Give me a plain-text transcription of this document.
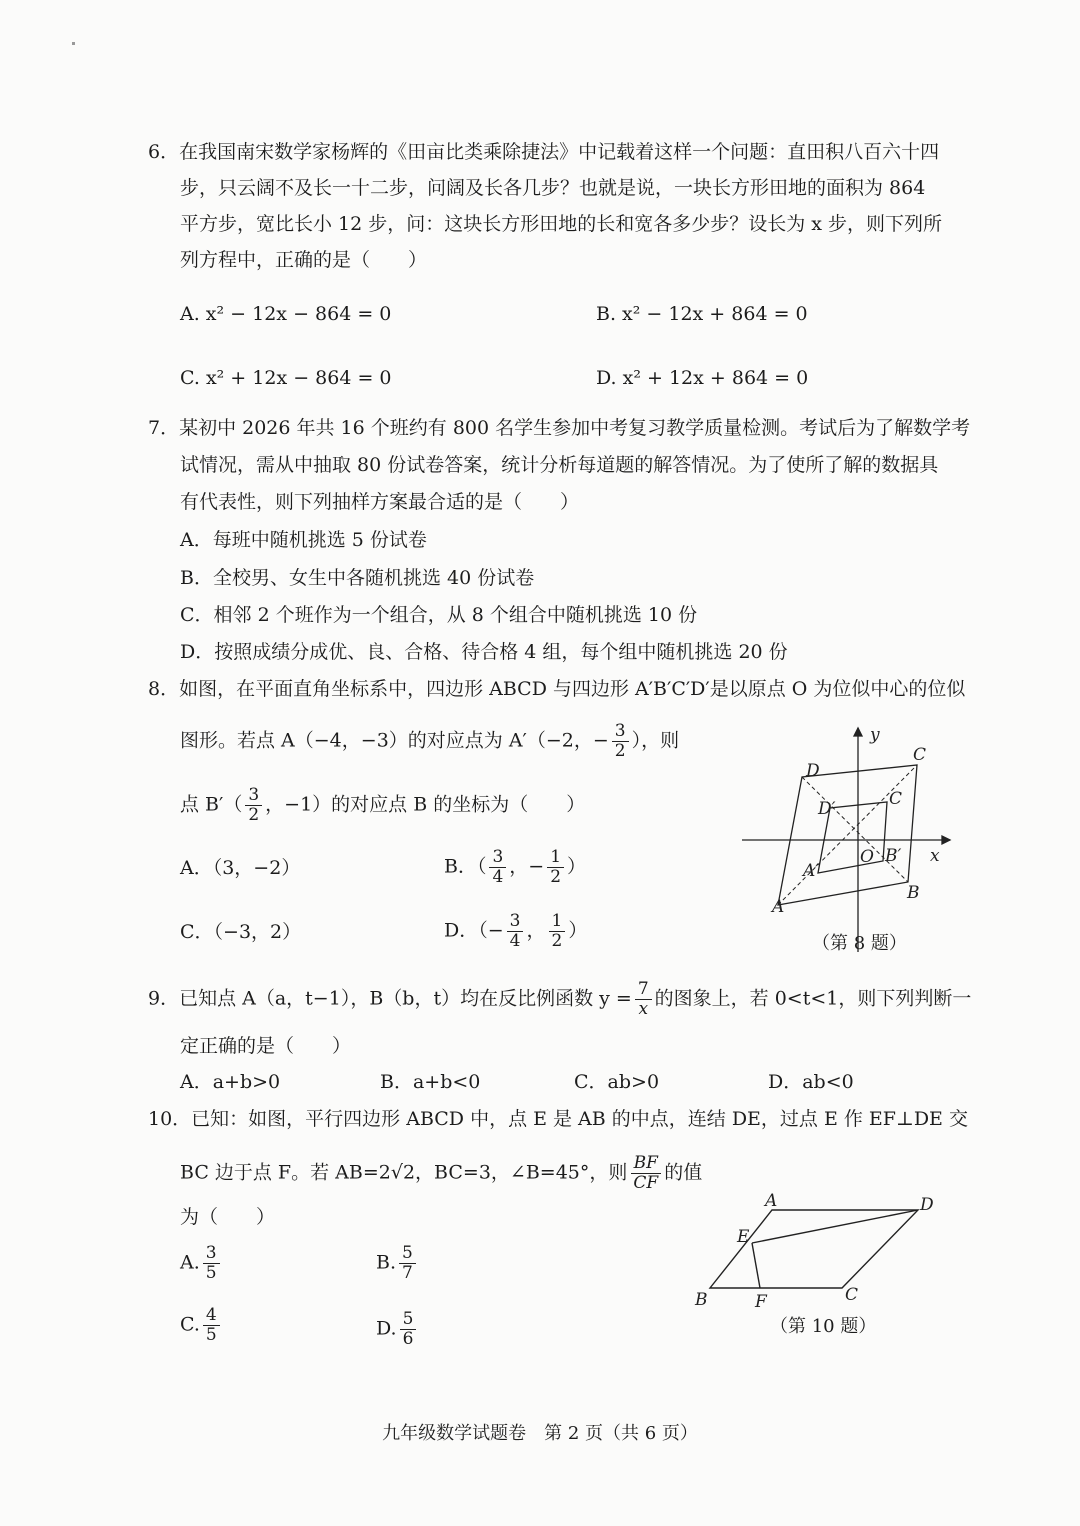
6．在我国南宋数学家杨辉的《田亩比类乘除捷法》中记载着这样一个问题：直田积八百六十四
步，只云阔不及长一十二步，问阔及长各几步？也就是说，一块长方形田地的面积为 864
平方步，宽比长小 12 步，问：这块长方形田地的长和宽各多少步？设长为 x 步，则下列所
列方程中，正确的是（　　）
A. x² − 12x − 864 = 0	B. x² − 12x + 864 = 0
C. x² + 12x − 864 = 0	D. x² + 12x + 864 = 0
7．某初中 2026 年共 16 个班约有 800 名学生参加中考复习教学质量检测。考试后为了解数学考
试情况，需从中抽取 80 份试卷答案，统计分析每道题的解答情况。为了使所了解的数据具
有代表性，则下列抽样方案最合适的是（　　）
A．每班中随机挑选 5 份试卷
B．全校男、女生中各随机挑选 40 份试卷
C．相邻 2 个班作为一个组合，从 8 个组合中随机挑选 10 份
D．按照成绩分成优、良、合格、待合格 4 组，每个组中随机挑选 20 份
8．如图，在平面直角坐标系中，四边形 ABCD 与四边形 A′B′C′D′是以原点 O 为位似中心的位似
图形。若点 A（−4，−3）的对应点为 A′（−2，− $\frac{3}{2}$ ），则
点 $B'( \frac{3}{2}$ ，−1）的对应点 B 的坐标为（　　）
A．（3，−2）	B．（ $\frac{3}{4}$ ，− $\frac{1}{2}$ ）
C．（−3，2）	D．（− $\frac{3}{4}$ ， $\frac{1}{2}$ ）
y
x
O
A
B
C
D
A′
B′
C
D′
（第 8 题）
9．已知点 A（a，t−1），B（b，t）均在反比例函数 $y = \frac{7}{x}$ 的图象上，若 0<t<1，则下列判断一
定正确的是（　　）
A．a+b>0	B．a+b<0	C．ab>0	D．ab<0
10．已知：如图，平行四边形 ABCD 中，点 E 是 AB 的中点，连结 DE，过点 E 作 EF⊥DE 交
BC 边于点 F。若 AB=2√2，BC=3，∠B=45°，则 $\frac{BF}{CF}$ 的值
为（　　）
A. $\frac{3}{5}$	B. $\frac{5}{7}$
C. $\frac{4}{5}$	D. $\frac{5}{6}$
A
B	C
D
E
F
（第 10 题）
九年级数学试题卷　第 2 页（共 6 页）
